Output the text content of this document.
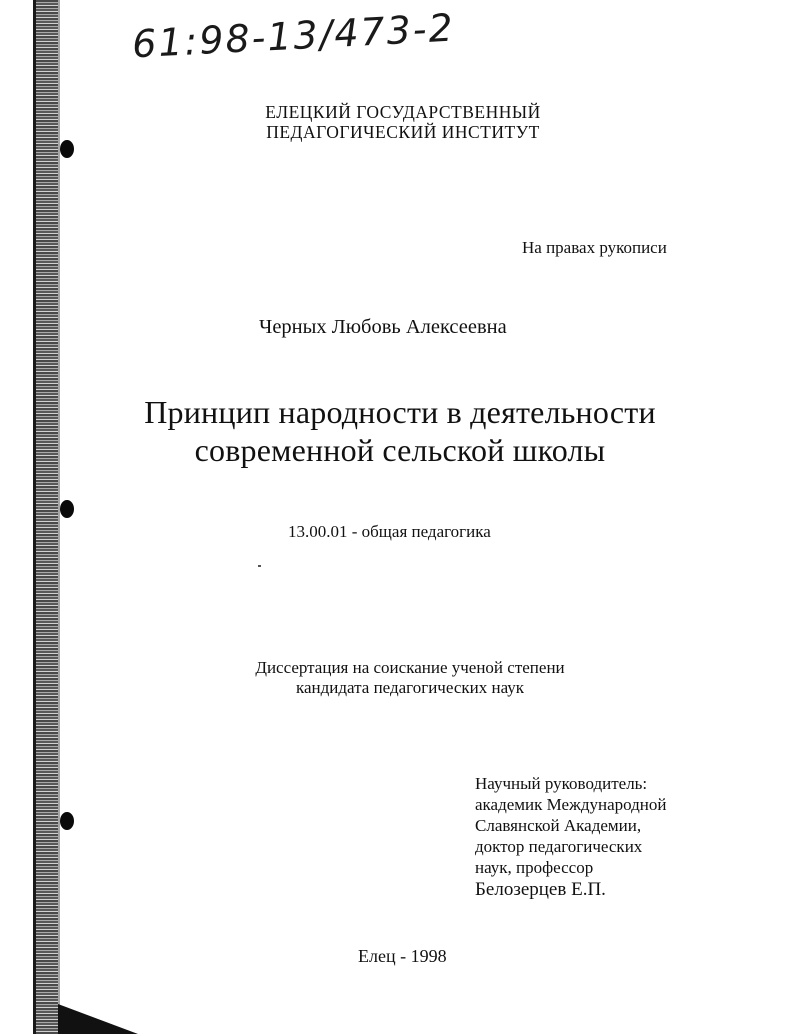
61:98-13/473-2
ЕЛЕЦКИЙ ГОСУДАРСТВЕННЫЙ
ПЕДАГОГИЧЕСКИЙ ИНСТИТУТ
На правах рукописи
Черных Любовь Алексеевна
Принцип народности в деятельности
современной сельской школы
13.00.01 - общая педагогика
Диссертация на соискание ученой степени
кандидата педагогических наук
Научный руководитель:
академик Международной
Славянской Академии,
доктор педагогических
наук, профессор
Белозерцев Е.П.
Елец - 1998
